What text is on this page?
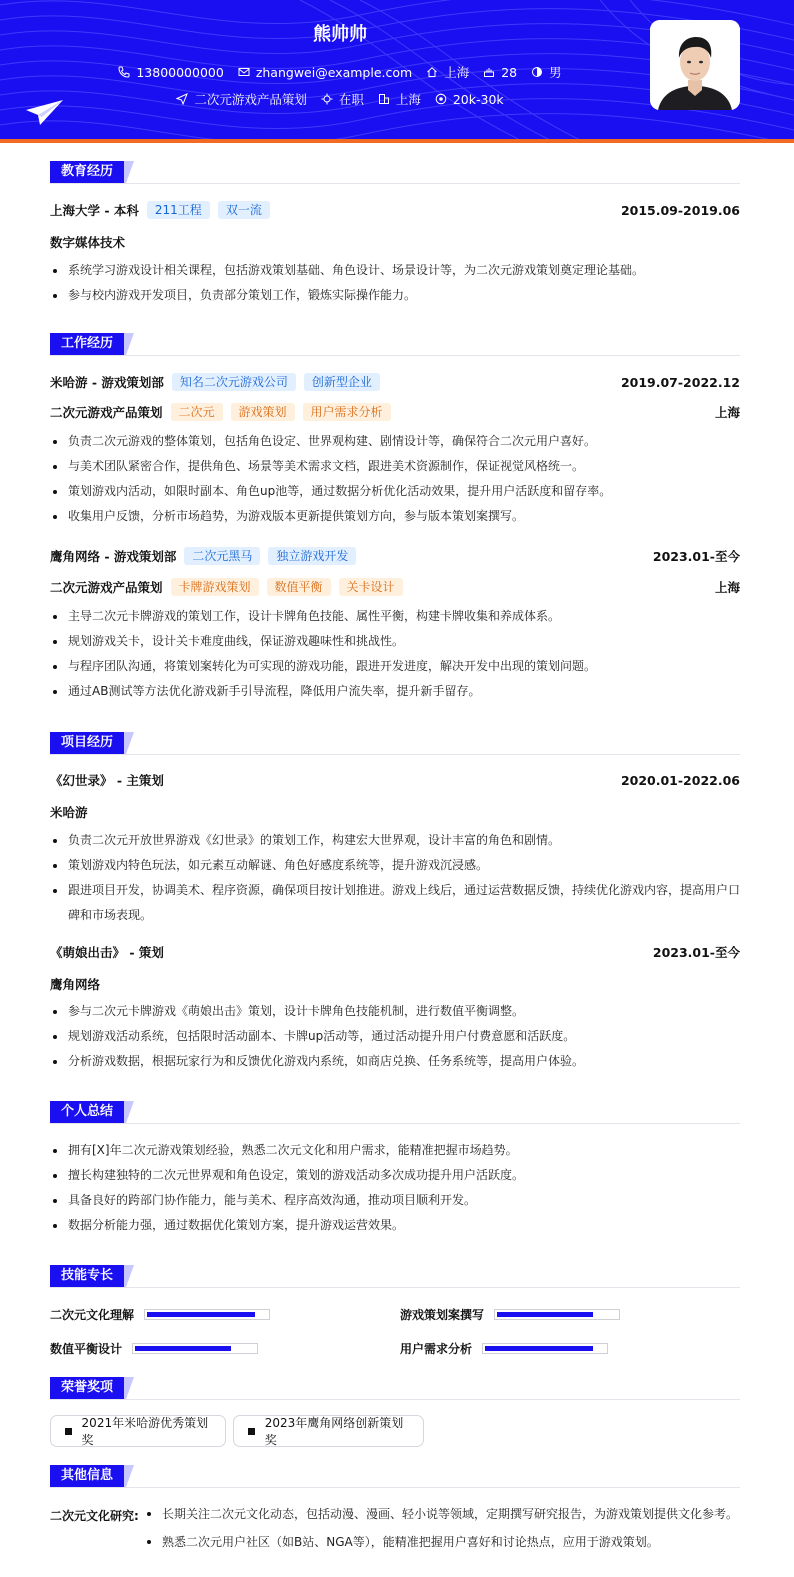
熊帅帅
13800000000	zhangwei@example.com	上海	28	男
二次元游戏产品策划	在职	上海	20k-30k
教育经历
上海大学 - 本科	211工程	双一流	2015.09-2019.06
数字媒体技术
系统学习游戏设计相关课程，包括游戏策划基础、角色设计、场景设计等，为二次元游戏策划奠定理论基础。
参与校内游戏开发项目，负责部分策划工作，锻炼实际操作能力。
工作经历
米哈游 - 游戏策划部	知名二次元游戏公司	创新型企业	2019.07-2022.12
二次元游戏产品策划	二次元	游戏策划	用户需求分析	上海
负责二次元游戏的整体策划，包括角色设定、世界观构建、剧情设计等，确保符合二次元用户喜好。
与美术团队紧密合作，提供角色、场景等美术需求文档，跟进美术资源制作，保证视觉风格统一。
策划游戏内活动，如限时副本、角色up池等，通过数据分析优化活动效果，提升用户活跃度和留存率。
收集用户反馈，分析市场趋势，为游戏版本更新提供策划方向，参与版本策划案撰写。
鹰角网络 - 游戏策划部	二次元黑马	独立游戏开发	2023.01-至今
二次元游戏产品策划	卡牌游戏策划	数值平衡	关卡设计	上海
主导二次元卡牌游戏的策划工作，设计卡牌角色技能、属性平衡，构建卡牌收集和养成体系。
规划游戏关卡，设计关卡难度曲线，保证游戏趣味性和挑战性。
与程序团队沟通，将策划案转化为可实现的游戏功能，跟进开发进度，解决开发中出现的策划问题。
通过AB测试等方法优化游戏新手引导流程，降低用户流失率，提升新手留存。
项目经历
《幻世录》 - 主策划	2020.01-2022.06
米哈游
负责二次元开放世界游戏《幻世录》的策划工作，构建宏大世界观，设计丰富的角色和剧情。
策划游戏内特色玩法，如元素互动解谜、角色好感度系统等，提升游戏沉浸感。
跟进项目开发，协调美术、程序资源，确保项目按计划推进。游戏上线后，通过运营数据反馈，持续优化游戏内容，提高用户口碑和市场表现。
《萌娘出击》 - 策划	2023.01-至今
鹰角网络
参与二次元卡牌游戏《萌娘出击》策划，设计卡牌角色技能机制，进行数值平衡调整。
规划游戏活动系统，包括限时活动副本、卡牌up活动等，通过活动提升用户付费意愿和活跃度。
分析游戏数据，根据玩家行为和反馈优化游戏内系统，如商店兑换、任务系统等，提高用户体验。
个人总结
拥有[X]年二次元游戏策划经验，熟悉二次元文化和用户需求，能精准把握市场趋势。
擅长构建独特的二次元世界观和角色设定，策划的游戏活动多次成功提升用户活跃度。
具备良好的跨部门协作能力，能与美术、程序高效沟通，推动项目顺利开发。
数据分析能力强，通过数据优化策划方案，提升游戏运营效果。
技能专长
二次元文化理解	游戏策划案撰写
数值平衡设计	用户需求分析
荣誉奖项
2021年米哈游优秀策划奖
2023年鹰角网络创新策划奖
其他信息
二次元文化研究:	长期关注二次元文化动态，包括动漫、漫画、轻小说等领域，定期撰写研究报告，为游戏策划提供文化参考。
熟悉二次元用户社区（如B站、NGA等），能精准把握用户喜好和讨论热点，应用于游戏策划。
